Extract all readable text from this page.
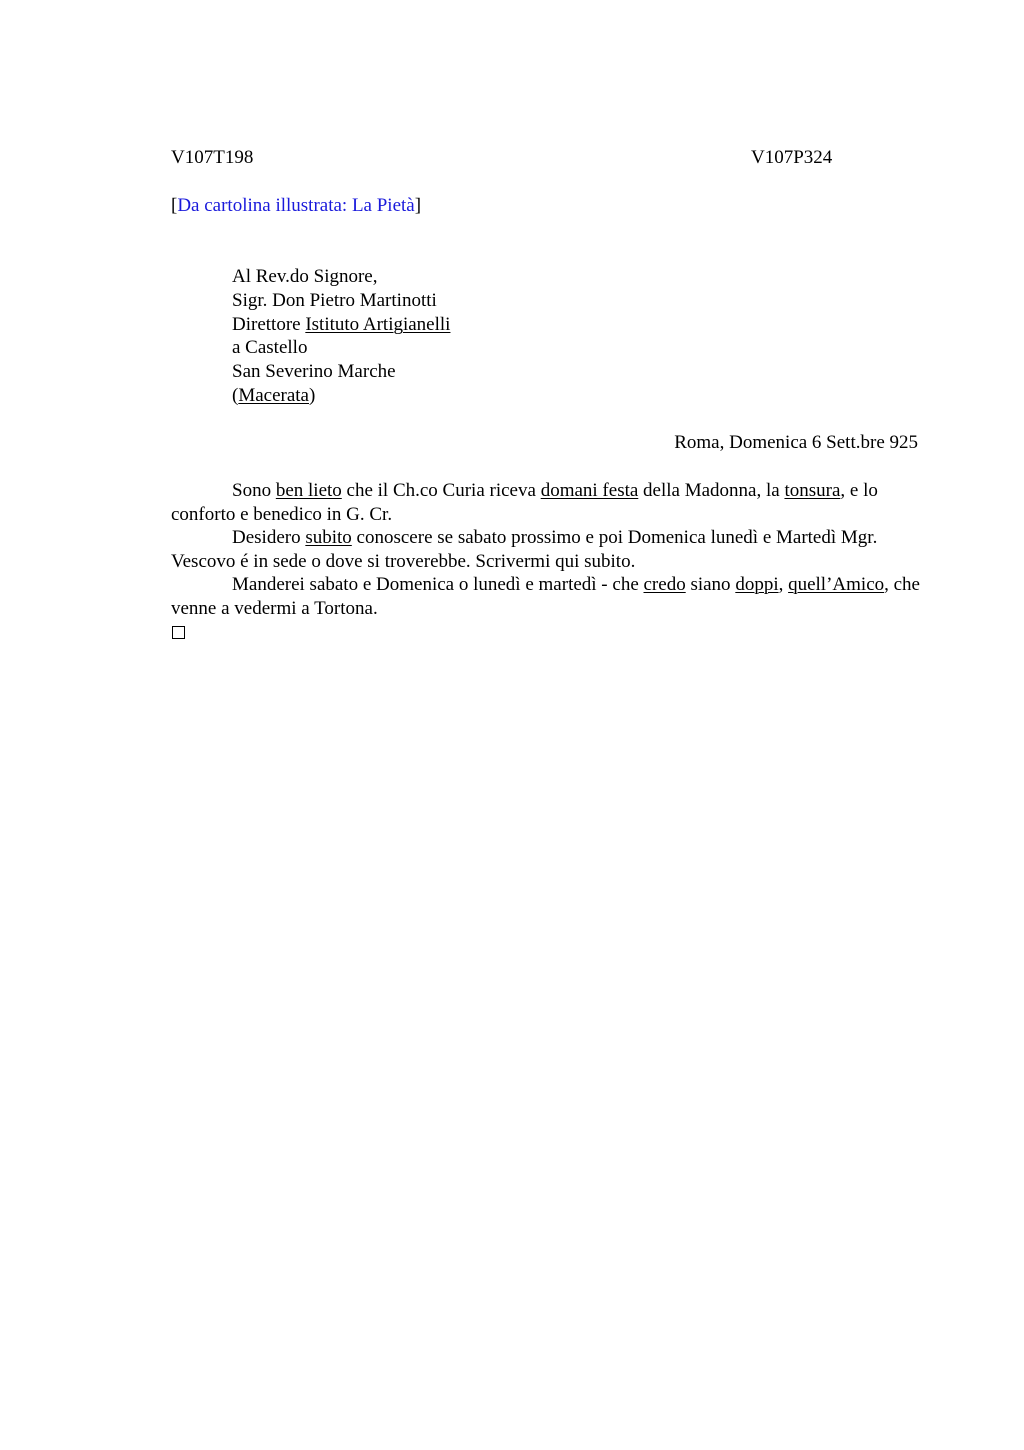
V107T198	V107P324
[Da cartolina illustrata: La Pietà]
Al Rev.do Signore,
Sigr. Don Pietro Martinotti
Direttore Istituto Artigianelli
a Castello
San Severino Marche
(Macerata)
Roma, Domenica 6 Sett.bre 925

Sono ben lieto che il Ch.co Curia riceva domani festa della Madonna, la tonsura, e lo conforto e benedico in G. Cr.

Desidero subito conoscere se sabato prossimo e poi Domenica lunedì e Martedì Mgr. Vescovo é in sede o dove si troverebbe. Scrivermi qui subito.

Manderei sabato e Domenica o lunedì e martedì - che credo siano doppi, quell’Amico, che venne a vedermi a Tortona.
